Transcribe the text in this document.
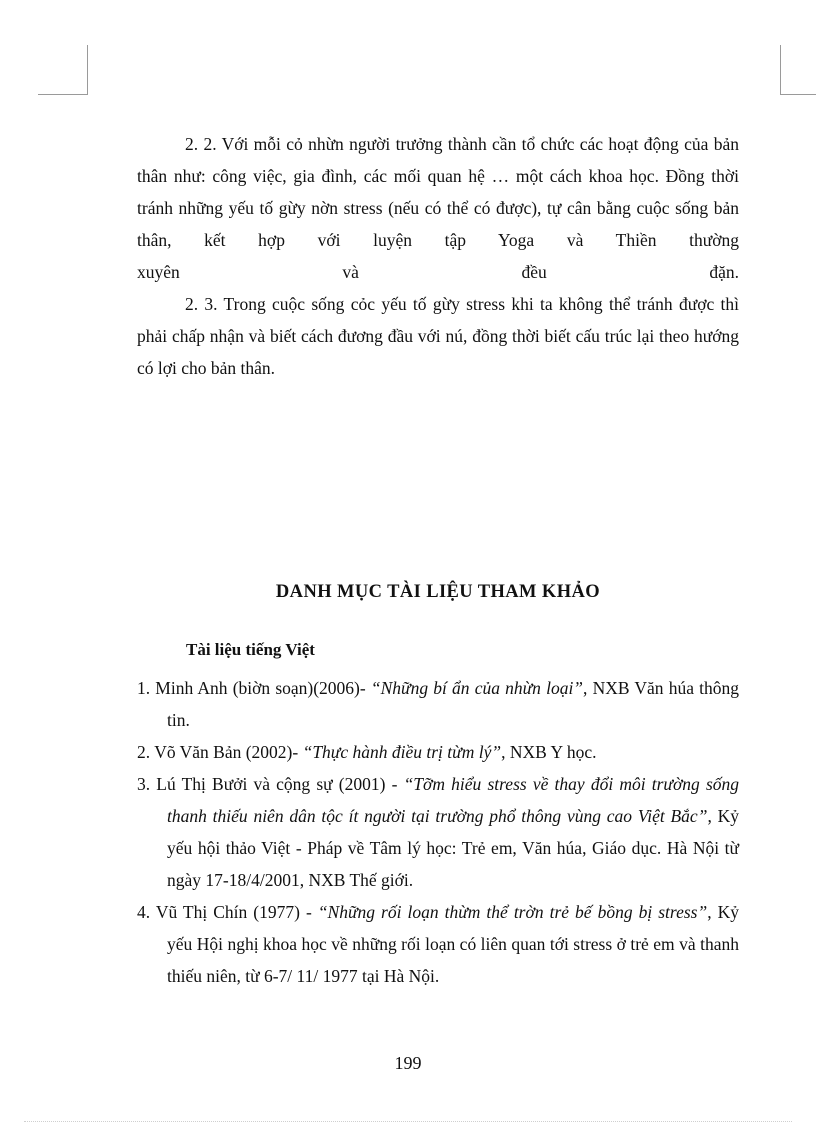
2. 2. Với mỗi cỏ nhừn người trưởng thành cần tổ chức các hoạt động của bản thân như: công việc, gia đình, các mối quan hệ … một cách khoa học. Đồng thời tránh những yếu tố gừy nờn stress (nếu có thể có được), tự cân bằng cuộc sống bản thân, kết hợp với luyện tập Yoga và Thiền thường

xuyên và đều đặn.

2. 3. Trong cuộc sống cỏc yếu tố gừy stress khi ta không thể tránh được thì phải chấp nhận và biết cách đương đầu với nú, đồng thời biết cấu trúc lại theo hướng có lợi cho bản thân.

DANH MỤC TÀI LIỆU THAM KHẢO
Tài liệu tiếng Việt

1. Minh Anh (biờn soạn)(2006)- “Những bí ẩn của nhừn loại”, NXB Văn húa thông tin.

2. Võ Văn Bản (2002)- “Thực hành điều trị từm lý”, NXB Y học.

3. Lú Thị Bưởi và cộng sự (2001) - “Tỡm hiểu stress về thay đổi môi trường sống thanh thiếu niên dân tộc ít người tại trường phổ thông vùng cao Việt Bắc”, Kỷ yếu hội thảo Việt - Pháp về Tâm lý học: Trẻ em, Văn húa, Giáo dục. Hà Nội từ ngày 17-18/4/2001, NXB Thế giới.

4. Vũ Thị Chín (1977) - “Những rối loạn thừm thể trờn trẻ bế bồng bị stress”, Kỷ yếu Hội nghị khoa học về những rối loạn có liên quan tới stress ở trẻ em và thanh thiếu niên, từ 6-7/ 11/ 1977 tại Hà Nội.

199
